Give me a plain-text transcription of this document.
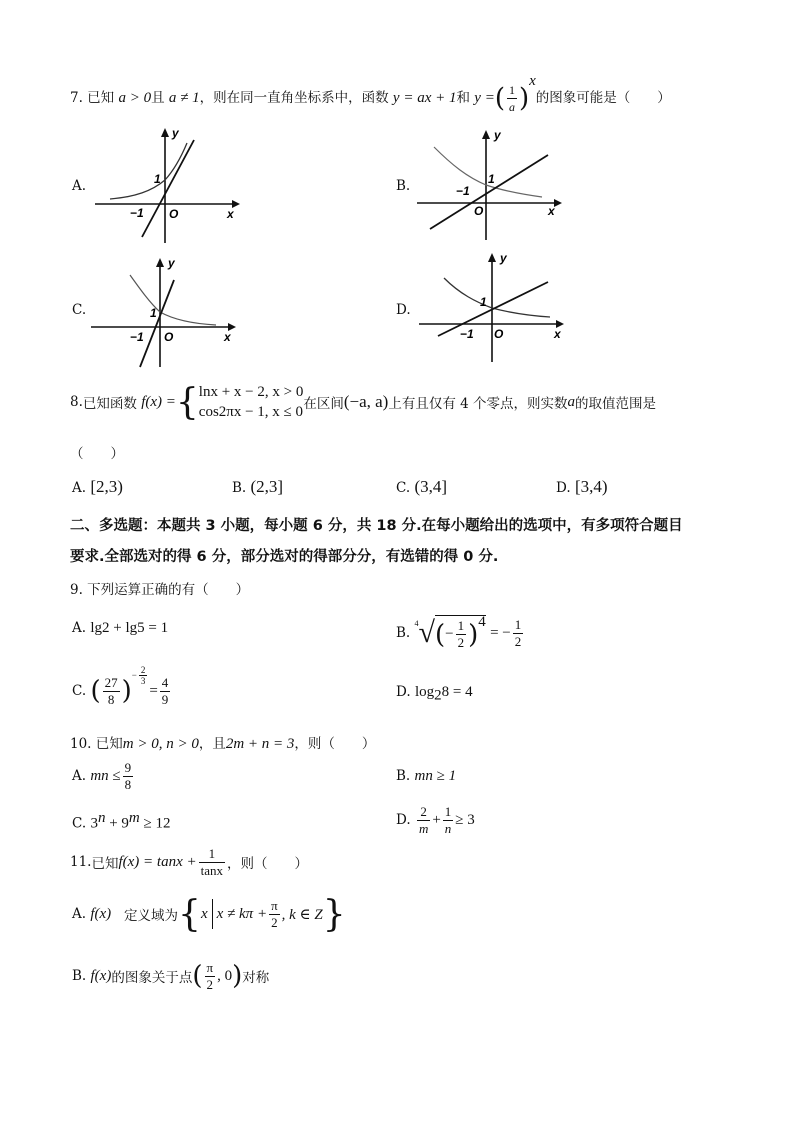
7. 已知 a > 0且 a ≠ 1，则在同一直角坐标系中，函数 y = ax + 1和 y =( $\frac{1}{a} )^x$的图象可能是（　　）
A.	B.
C.	D.
y
x
1
−1 O
y
x
1
−1
O
y
x
1
−1 O
y
x
1
−1 O
8. 已知函数
f(x) = { lnx + x − 2, x > 0
cos2πx − 1, x ≤ 0 在区间 (−a, a) 上有且仅有 4 个零点，则实数 a 的取值范围是
（　　）
A. [2,3)	B. (2,3]	C. (3,4]	D. [3,4)
二、多选题：本题共 3 小题，每小题 6 分，共 18 分.在每小题给出的选项中，有多项符合题目
要求.全部选对的得 6 分，部分选对的得部分分，有选错的得 0 分.
9. 下列运算正确的有（　　）
A. lg2 + lg5 = 1	B.

$^4$ √ ( − $\frac{1}{2} )^4$

= − $\frac{1}{2}$
C.
( $\frac{27}{8}$ )
− $\frac{2}{3}$
= $\frac{4}{9}$	D. $\log_28 = 4$
10. 已知m > 0, n > 0，且2m + n = 3，则（　　）
A.
mn ≤ $\frac{9}{8}$	B. mn ≥ 1
C. $3^n + 9^m \ge 12$	D.
$\frac{2}{m} + \frac{1}{n} \ge 3$
11. 已知 $f(x) = \tan x + \frac{1}{\tan x}$ ，则（　　）
A.
f(x)
定义域为 { x $x \ne k\pi + \frac{\pi}{2}$ , k ∈ Z }
B.
f(x) 的图象关于点 ( $\frac{\pi}{2}$ , 0 ) 对称
